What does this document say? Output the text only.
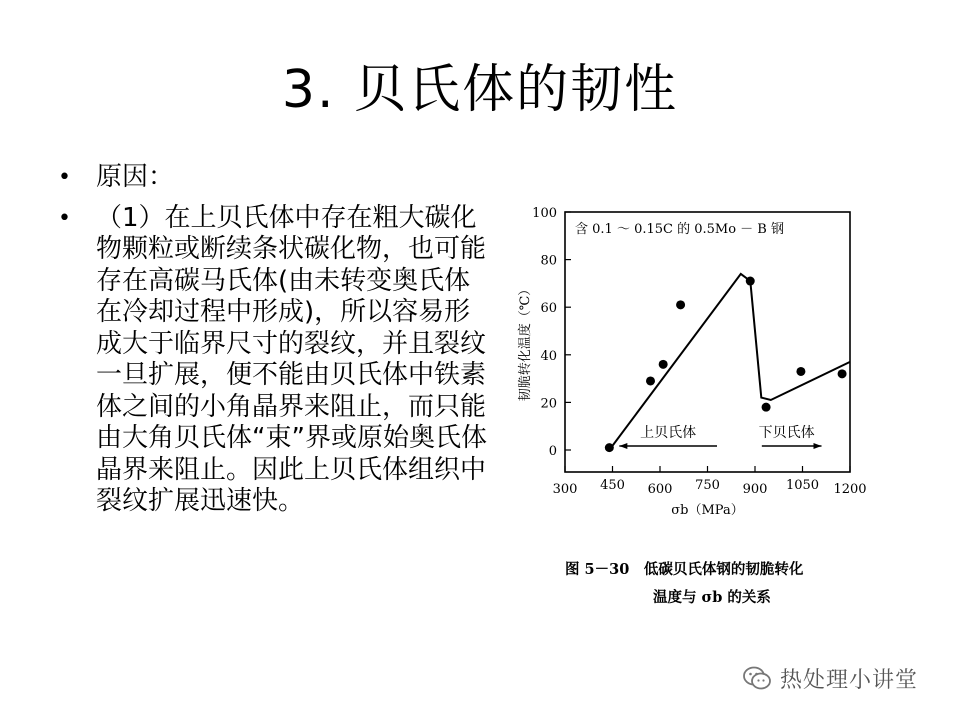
3. 贝氏体的韧性
• 原因：
• （1）在上贝氏体中存在粗大碳化物颗粒或断续条状碳化物，也可能存在高碳马氏体(由未转变奥氏体在冷却过程中形成)，所以容易形成大于临界尺寸的裂纹，并且裂纹一旦扩展，便不能由贝氏体中铁素体之间的小角晶界来阻止，而只能由大角贝氏体“束”界或原始奥氏体晶界来阻止。因此上贝氏体组织中裂纹扩展迅速快。
0
20
40
60
80
100
300 450 600 750 900 1050 1200
σb（MPa）
韧脆转化温度（℃）
含 0.1 ～ 0.15C 的 0.5Mo － B 钢
上贝氏体	下贝氏体
图 5－30　低碳贝氏体钢的韧脆转化
温度与 σb 的关系
热处理小讲堂
